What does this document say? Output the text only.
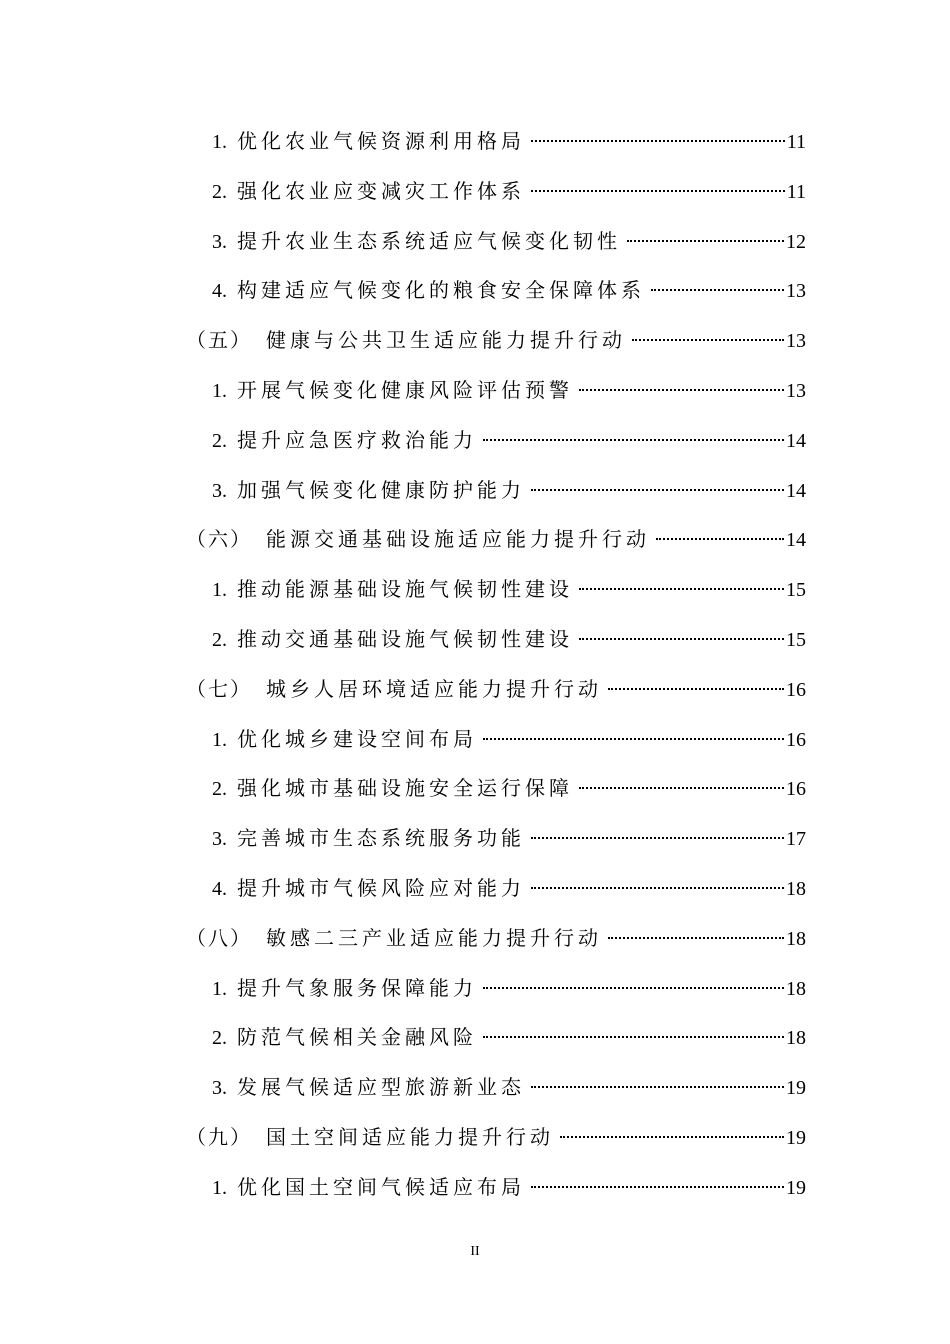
1. 优化农业气候资源利用格局	11
2. 强化农业应变减灾工作体系	11
3. 提升农业生态系统适应气候变化韧性	12
4. 构建适应气候变化的粮食安全保障体系	13
（五） 健康与公共卫生适应能力提升行动	13
1. 开展气候变化健康风险评估预警	13
2. 提升应急医疗救治能力	14
3. 加强气候变化健康防护能力	14
（六） 能源交通基础设施适应能力提升行动	14
1. 推动能源基础设施气候韧性建设	15
2. 推动交通基础设施气候韧性建设	15
（七） 城乡人居环境适应能力提升行动	16
1. 优化城乡建设空间布局	16
2. 强化城市基础设施安全运行保障	16
3. 完善城市生态系统服务功能	17
4. 提升城市气候风险应对能力	18
（八） 敏感二三产业适应能力提升行动	18
1. 提升气象服务保障能力	18
2. 防范气候相关金融风险	18
3. 发展气候适应型旅游新业态	19
（九） 国土空间适应能力提升行动	19
1. 优化国土空间气候适应布局	19
II
